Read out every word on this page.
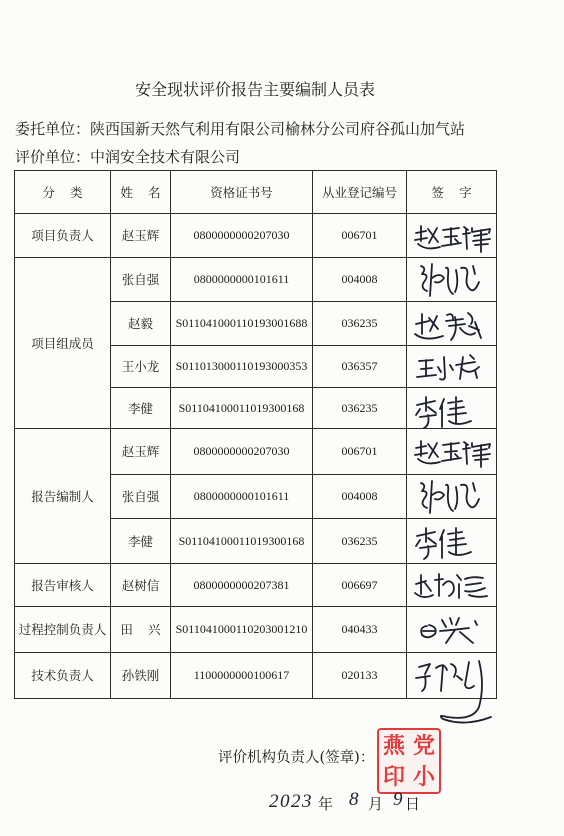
安全现状评价报告主要编制人员表
委托单位：陕西国新天然气利用有限公司榆林分公司府谷孤山加气站
评价单位：中润安全技术有限公司
分 类	姓 名	资格证书号	从业登记编号	签 字
项目负责人	赵玉辉	0800000000207030	006701	

项目组成员	张自强	0800000000101611	004008	

	赵毅	S011041000110193001688	036235	

	王小龙	S011013000110193000353	036357	

	李健	S01104100011019300168	036235	

报告编制人	赵玉辉	0800000000207030	006701	

	张自强	0800000000101611	004008	

	李健	S01104100011019300168	036235	

报告审核人	赵树信	0800000000207381	006697	

过程控制负责人	田 兴	S011041000110203001210	040433	

技术负责人	孙铁刚	1100000000100617	020133	
评价机构负责人(签章)： 燕 党
印 小
2023 年 8 月 9 日
